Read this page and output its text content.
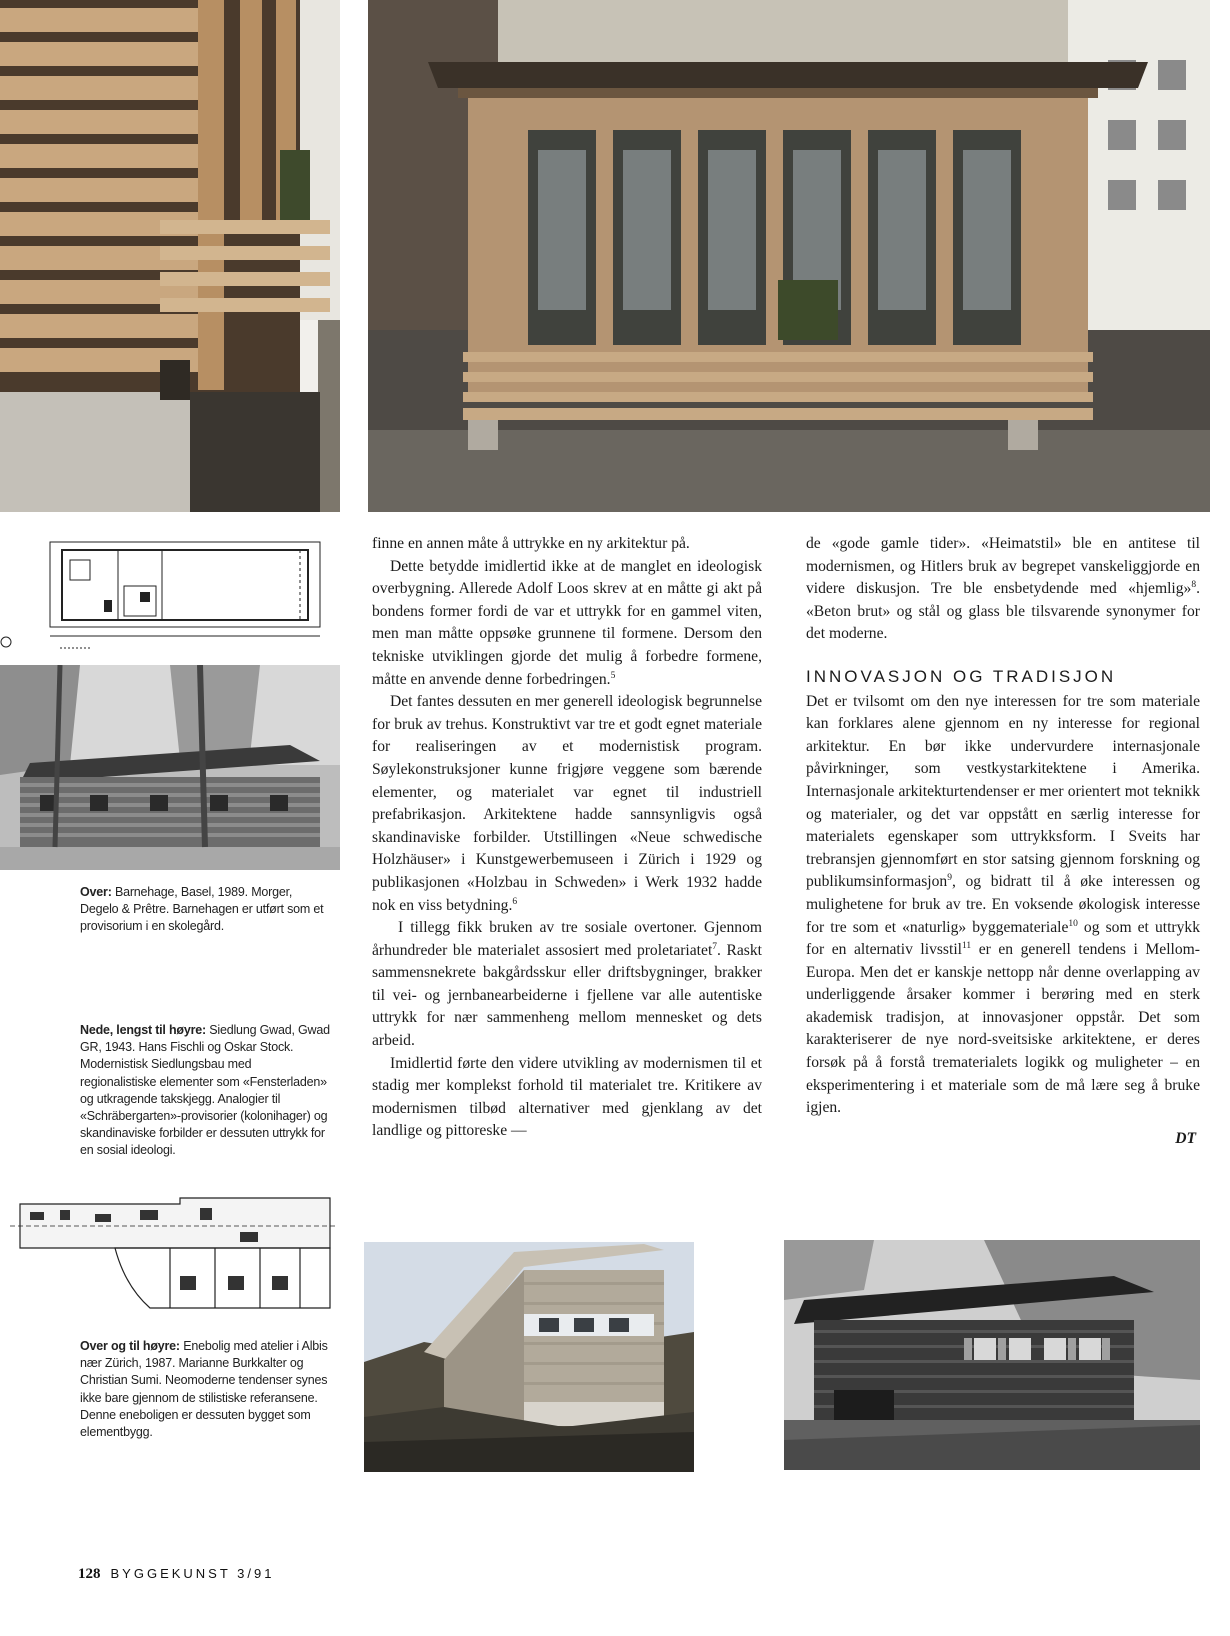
Over: Barnehage, Basel, 1989. Morger, Degelo & Prêtre. Barnehagen er utført som et provisorium i en skolegård.

Nede, lengst til høyre: Siedlung Gwad, Gwad GR, 1943. Hans Fischli og Oskar Stock. Modernistisk Siedlungsbau med regionalistiske elementer som «Fensterladen» og utkragende takskjegg. Analogier til «Schräbergarten»-provisorier (kolonihager) og skandinaviske forbilder er dessuten uttrykk for en sosial ideologi.

Over og til høyre: Enebolig med atelier i Albis nær Zürich, 1987. Marianne Burkkalter og Christian Sumi. Neomoderne tendenser synes ikke bare gjennom de stilistiske referansene. Denne eneboligen er dessuten bygget som elementbygg.

finne en annen måte å uttrykke en ny arkitektur på.

Dette betydde imidlertid ikke at de manglet en ideologisk overbygning. Allerede Adolf Loos skrev at en måtte gi akt på bondens former fordi de var et uttrykk for en gammel viten, men man måtte oppsøke grunnene til formene. Dersom den tekniske utviklingen gjorde det mulig å forbedre formene, måtte en anvende denne forbedringen.$^5$

Det fantes dessuten en mer generell ideologisk begrunnelse for bruk av trehus. Konstruktivt var tre et godt egnet materiale for realiseringen av et modernistisk program. Søylekonstruksjoner kunne frigjøre veggene som bærende elementer, og materialet var egnet til industriell prefabrikasjon. Arkitektene hadde sannsynligvis også skandinaviske forbilder. Utstillingen «Neue schwedische Holzhäuser» i Kunstgewerbemuseen i Zürich i 1929 og publikasjonen «Holzbau in Schweden» i Werk 1932 hadde nok en viss betydning.$^6$

I tillegg fikk bruken av tre sosiale overtoner. Gjennom århundreder ble materialet assosiert med proletariatet$^7$. Raskt sammensnekrete bakgårdsskur eller driftsbygninger, brakker til vei- og jernbanearbeiderne i fjellene var alle autentiske uttrykk for nær sammenheng mellom mennesket og dets arbeid.

Imidlertid førte den videre utvikling av modernismen til et stadig mer komplekst forhold til materialet tre. Kritikere av modernismen tilbød alternativer med gjenklang av det landlige og pittoreske —

de «gode gamle tider». «Heimatstil» ble en antitese til modernismen, og Hitlers bruk av begrepet vanskeliggjorde en videre diskusjon. Tre ble ensbetydende med «hjemlig»$^8$. «Beton brut» og stål og glass ble tilsvarende synonymer for det moderne.

INNOVASJON OG TRADISJON

Det er tvilsomt om den nye interessen for tre som materiale kan forklares alene gjennom en ny interesse for regional arkitektur. En bør ikke undervurdere internasjonale påvirkninger, som vestkystarkitektene i Amerika. Internasjonale arkitekturtendenser er mer orientert mot teknikk og materialer, og det var oppstått en særlig interesse for materialets egenskaper som uttrykksform. I Sveits har trebransjen gjennomført en stor satsing gjennom forskning og publikumsinformasjon$^9$, og bidratt til å øke interessen og mulighetene for bruk av tre. En voksende økologisk interesse for tre som et «naturlig» byggemateriale$^{10}$ og som et uttrykk for en alternativ livsstil$^{11}$ er en generell tendens i Mellom-Europa. Men det er kanskje nettopp når denne overlapping av underliggende årsaker kommer i berøring med en sterk akademisk tradisjon, at innovasjoner oppstår. Det som karakteriserer de nye nord-sveitsiske arkitektene, er deres forsøk på å forstå trematerialets logikk og muligheter – en eksperimentering i et materiale som de må lære seg å bruke igjen.

DT
128 BYGGEKUNST 3/91
